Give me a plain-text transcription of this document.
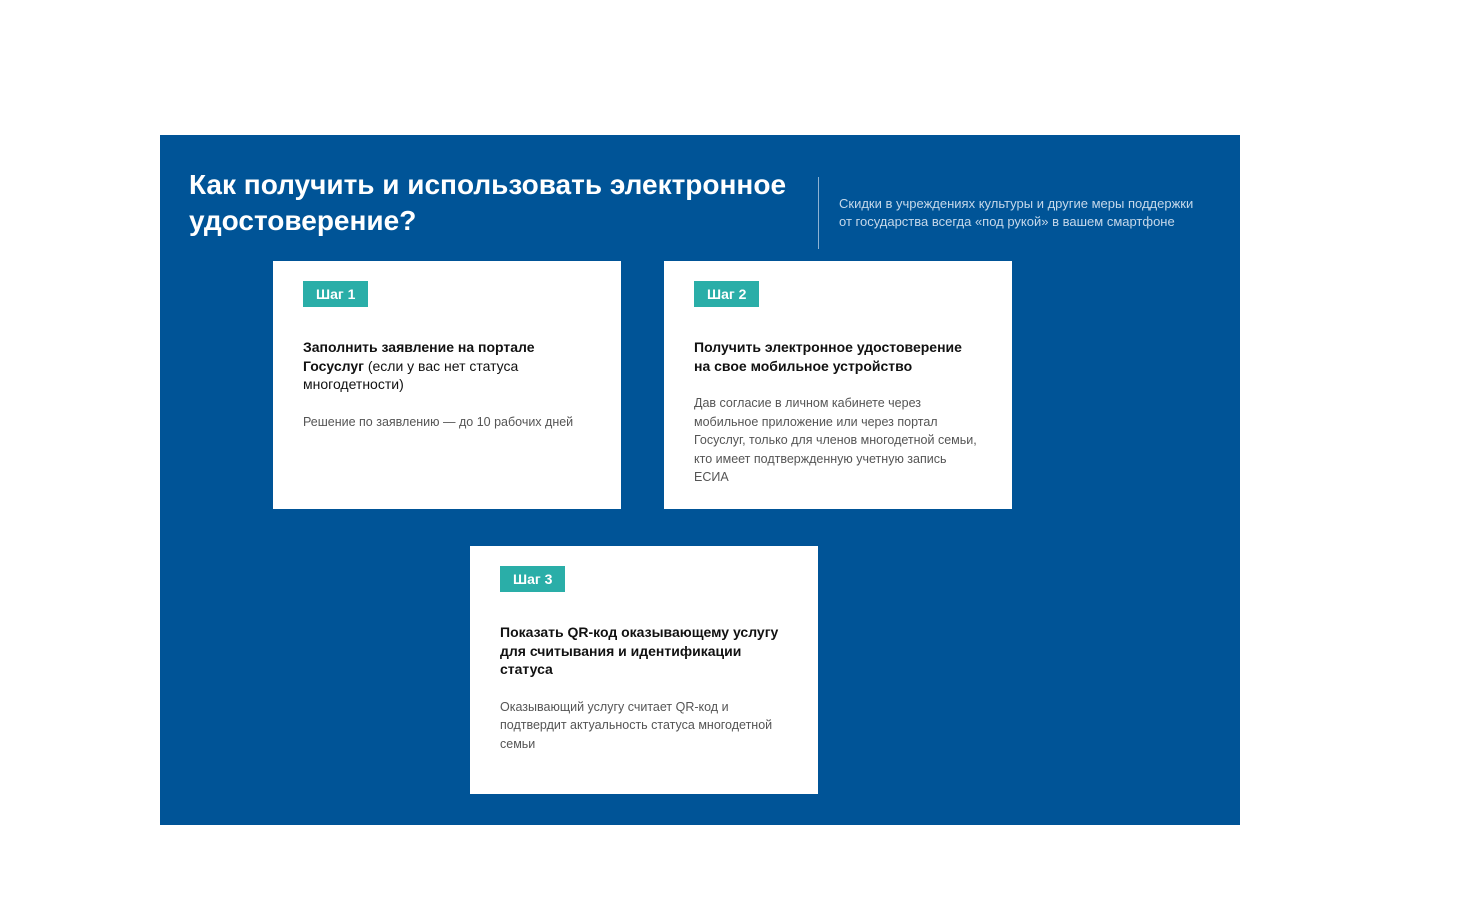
Как получить и использовать электронное удостоверение?
Скидки в учреждениях культуры и другие меры поддержки от государства всегда «под рукой» в вашем смартфоне
Шаг 1

Заполнить заявление на портале Госуслуг (если у вас нет статуса многодетности)

Решение по заявлению — до 10 рабочих дней

Шаг 2

Получить электронное удостоверение на свое мобильное устройство

Дав согласие в личном кабинете через мобильное приложение или через портал Госуслуг, только для членов многодетной семьи, кто имеет подтвержденную учетную запись ЕСИА

Шаг 3

Показать QR-код оказывающему услугу для считывания и идентификации статуса

Оказывающий услугу считает QR-код и подтвердит актуальность статуса многодетной семьи
